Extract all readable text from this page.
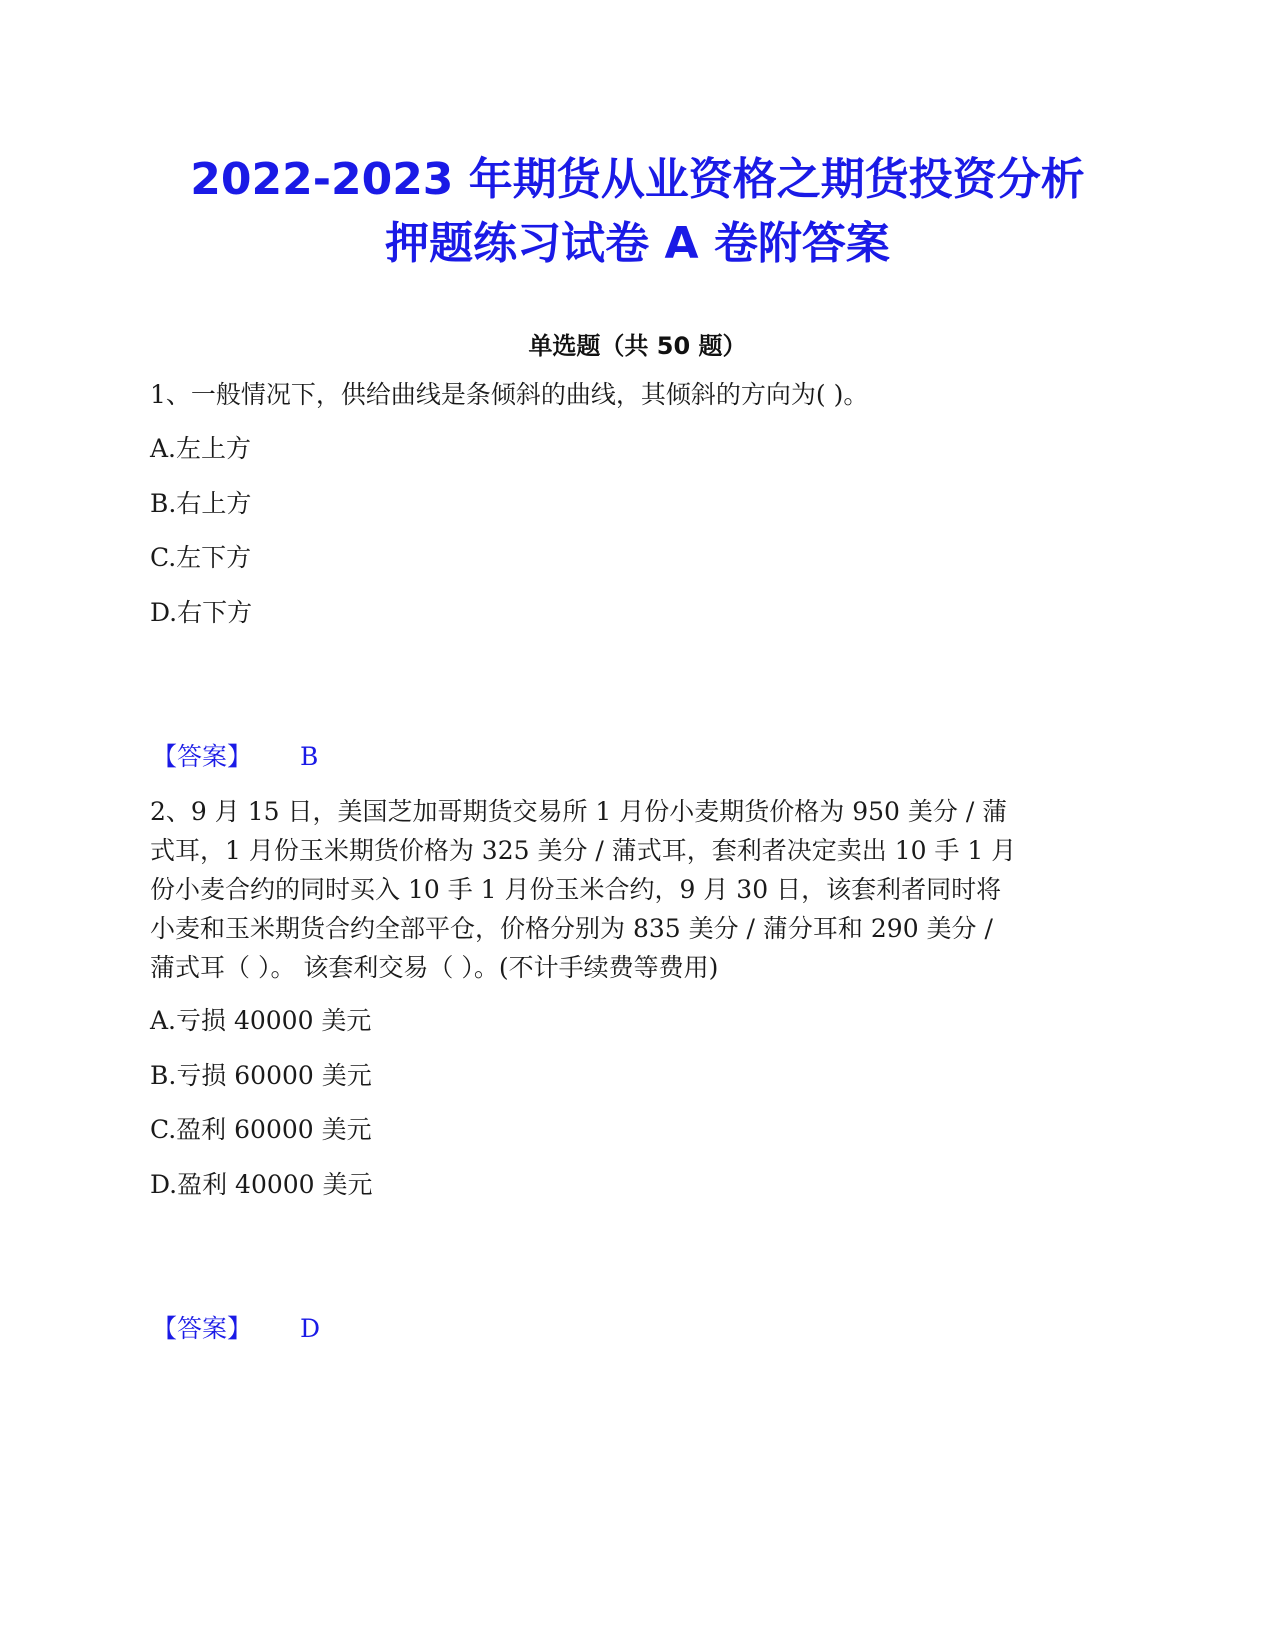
2022-2023 年期货从业资格之期货投资分析
押题练习试卷 A 卷附答案
单选题（共 50 题）
1、一般情况下，供给曲线是条倾斜的曲线，其倾斜的方向为( )。
A.左上方
B.右上方
C.左下方
D.右下方
【答案】 B
2、9 月 15 日，美国芝加哥期货交易所 1 月份小麦期货价格为 950 美分 / 蒲
式耳，1 月份玉米期货价格为 325 美分 / 蒲式耳，套利者决定卖出 10 手 1 月
份小麦合约的同时买入 10 手 1 月份玉米合约，9 月 30 日，该套利者同时将
小麦和玉米期货合约全部平仓，价格分别为 835 美分 / 蒲分耳和 290 美分 /
蒲式耳（ ）。 该套利交易（ ）。(不计手续费等费用)
A.亏损 40000 美元
B.亏损 60000 美元
C.盈利 60000 美元
D.盈利 40000 美元
【答案】 D
